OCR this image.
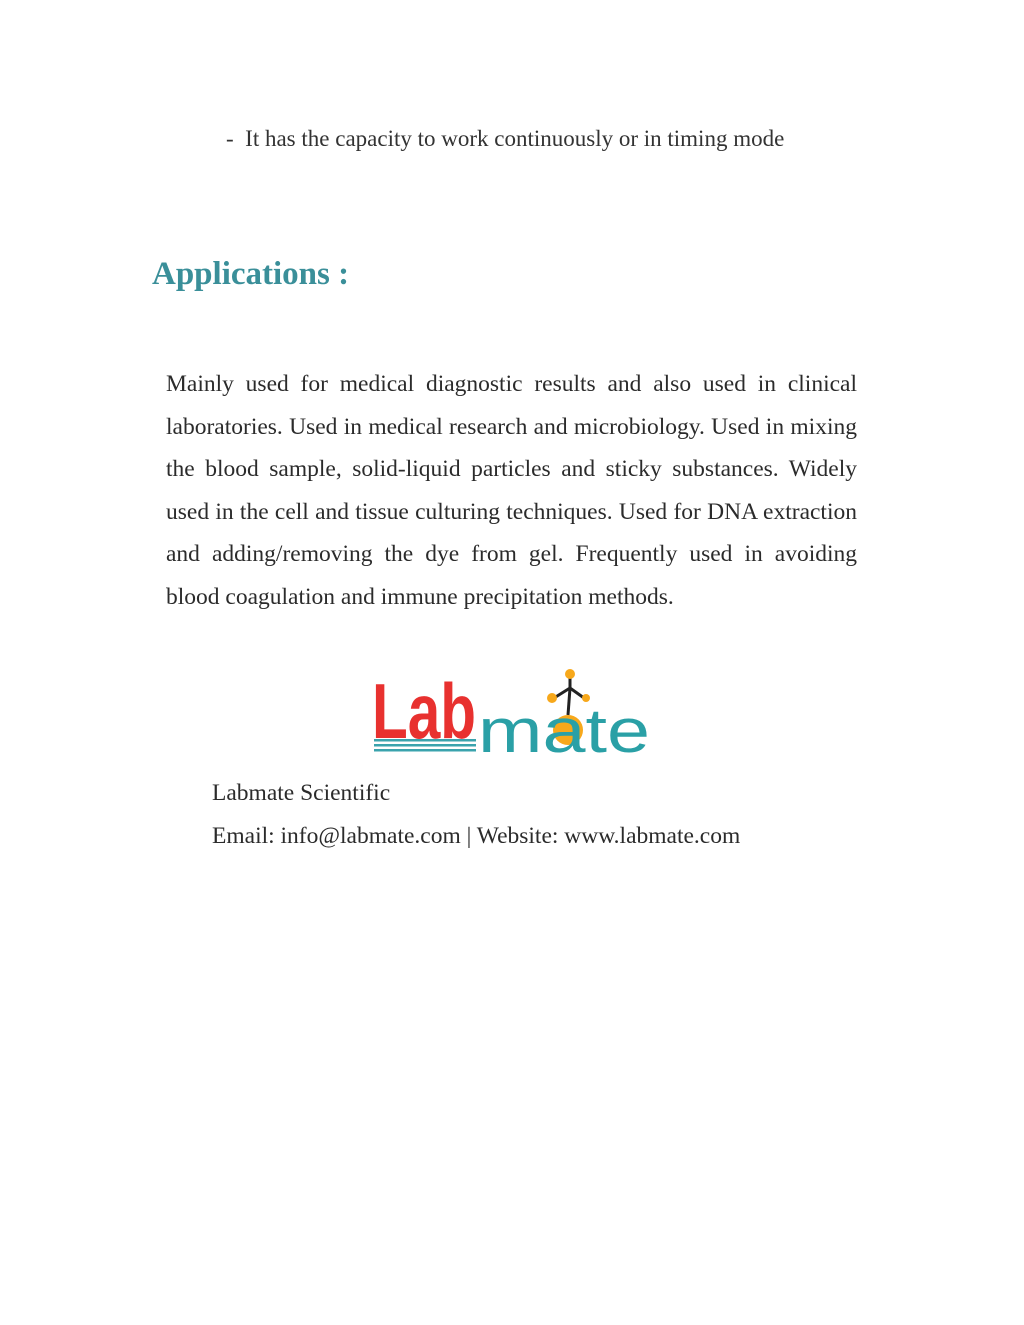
- It has the capacity to work continuously or in timing mode
Applications :

Mainly used for medical diagnostic results and also used in clinical laboratories. Used in medical research and microbiology. Used in mixing the blood sample, solid-liquid particles and sticky substances. Widely used in the cell and tissue culturing techniques. Used for DNA extraction and adding/removing the dye from gel. Frequently used in avoiding blood coagulation and immune precipitation methods.

Lab mate
Labmate Scientific
Email: info@labmate.com | Website: www.labmate.com
